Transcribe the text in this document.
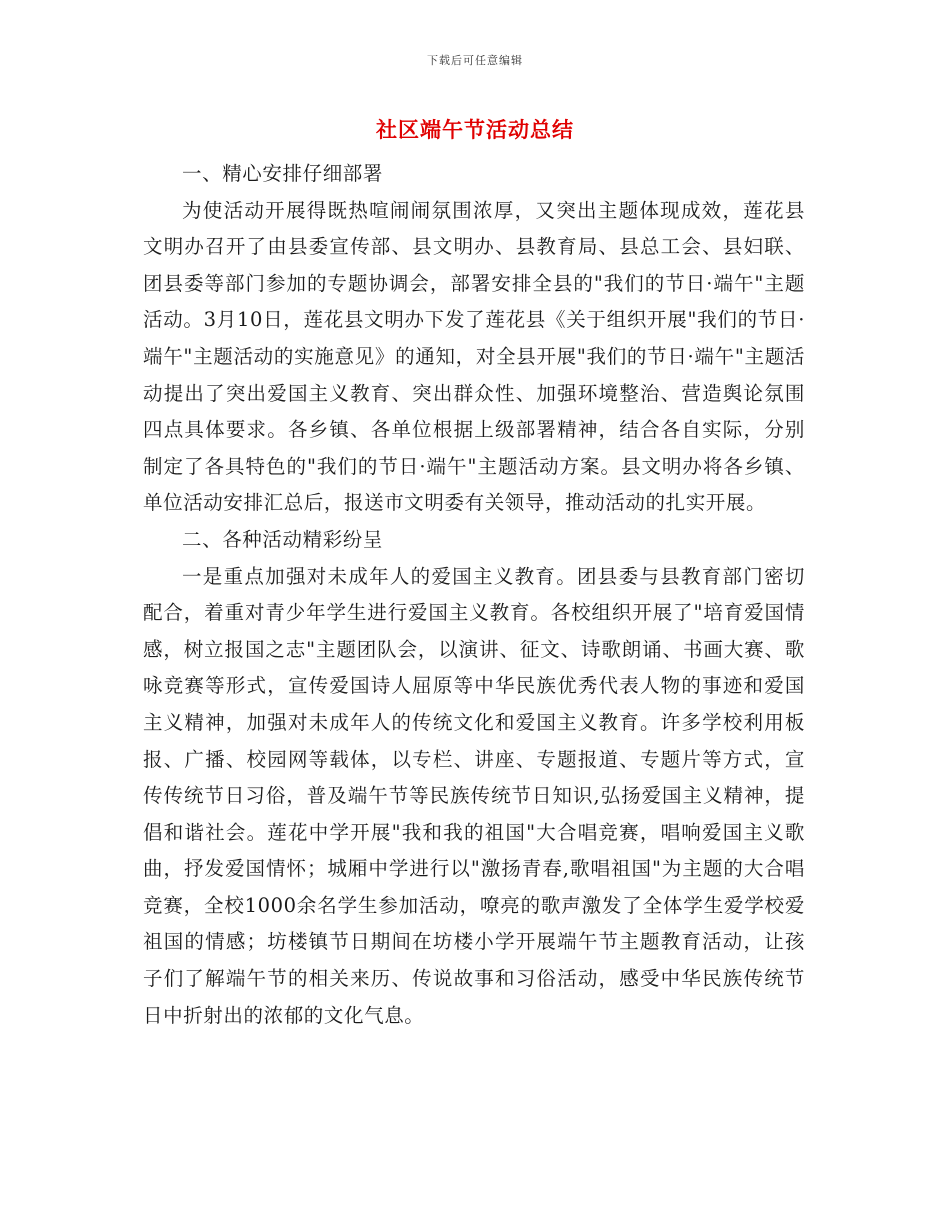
下载后可任意编辑
社区端午节活动总结

一、精心安排仔细部署

为使活动开展得既热喧闹闹氛围浓厚，又突出主题体现成效，莲花县文明办召开了由县委宣传部、县文明办、县教育局、县总工会、县妇联、团县委等部门参加的专题协调会，部署安排全县的"我们的节日·端午"主题活动。3月10日，莲花县文明办下发了莲花县《关于组织开展"我们的节日·端午"主题活动的实施意见》的通知，对全县开展"我们的节日·端午"主题活动提出了突出爱国主义教育、突出群众性、加强环境整治、营造舆论氛围四点具体要求。各乡镇、各单位根据上级部署精神，结合各自实际，分别制定了各具特色的"我们的节日·端午"主题活动方案。县文明办将各乡镇、单位活动安排汇总后，报送市文明委有关领导，推动活动的扎实开展。

二、各种活动精彩纷呈

一是重点加强对未成年人的爱国主义教育。团县委与县教育部门密切配合，着重对青少年学生进行爱国主义教育。各校组织开展了"培育爱国情感，树立报国之志"主题团队会，以演讲、征文、诗歌朗诵、书画大赛、歌咏竞赛等形式，宣传爱国诗人屈原等中华民族优秀代表人物的事迹和爱国主义精神，加强对未成年人的传统文化和爱国主义教育。许多学校利用板报、广播、校园网等载体，以专栏、讲座、专题报道、专题片等方式，宣传传统节日习俗，普及端午节等民族传统节日知识,弘扬爱国主义精神，提倡和谐社会。莲花中学开展"我和我的祖国"大合唱竞赛，唱响爱国主义歌曲，抒发爱国情怀；城厢中学进行以"激扬青春,歌唱祖国"为主题的大合唱竞赛，全校1000余名学生参加活动，嘹亮的歌声激发了全体学生爱学校爱祖国的情感；坊楼镇节日期间在坊楼小学开展端午节主题教育活动，让孩子们了解端午节的相关来历、传说故事和习俗活动，感受中华民族传统节日中折射出的浓郁的文化气息。
